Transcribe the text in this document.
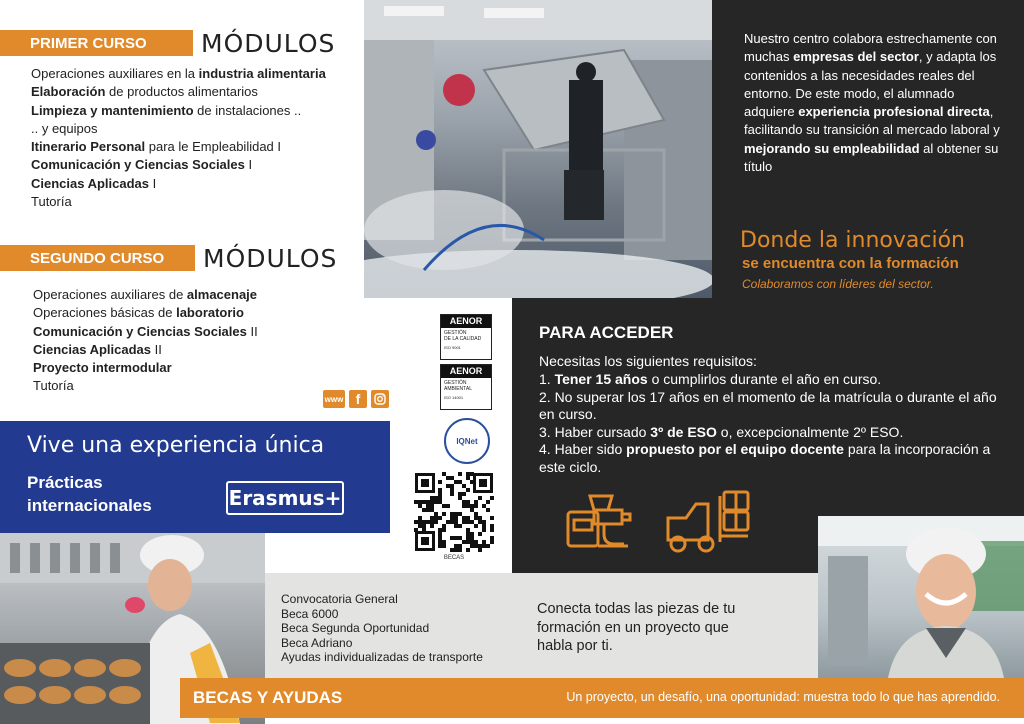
PRIMER CURSO	MÓDULOS
Operaciones auxiliares en la industria alimentaria
Elaboración de productos alimentarios
Limpieza y mantenimiento de instalaciones ..
.. y equipos
Itinerario Personal para le Empleabilidad I
Comunicación y Ciencias Sociales I
Ciencias Aplicadas I
Tutoría
SEGUNDO CURSO	MÓDULOS
Operaciones auxiliares de almacenaje
Operaciones básicas de laboratorio
Comunicación y Ciencias Sociales II
Ciencias Aplicadas II
Proyecto intermodular
Tutoría
www f
Nuestro centro colabora estrechamente con muchas empresas del sector, y adapta los contenidos a las necesidades reales del entorno. De este modo, el alumnado adquiere experiencia profesional directa, facilitando su transición al mercado laboral y mejorando su empleabilidad al obtener su título
Donde la innovación
se encuentra con la formación
Colaboramos con líderes del sector.
AENOR
GESTIÓN
DE LA CALIDAD
ISO 9001
AENOR
GESTIÓN
AMBIENTAL
ISO 14001
IQNet
BECAS
PARA ACCEDER
Necesitas los siguientes requisitos:
1. Tener 15 años o cumplirlos durante el año en curso.
2. No superar los 17 años en el momento de la matrícula o durante el año en curso.
3. Haber cursado 3º de ESO o, excepcionalmente 2º ESO.
4. Haber sido propuesto por el equipo docente para la incorporación a este ciclo.
Vive una experiencia única
Prácticas
internacionales	Erasmus+
Convocatoria General
Beca 6000
Beca Segunda Oportunidad
Beca Adriano
Ayudas individualizadas de transporte
Conecta todas las piezas de tu formación en un proyecto que habla por ti.
BECAS Y AYUDAS	Un proyecto, un desafío, una oportunidad: muestra todo lo que has aprendido.
